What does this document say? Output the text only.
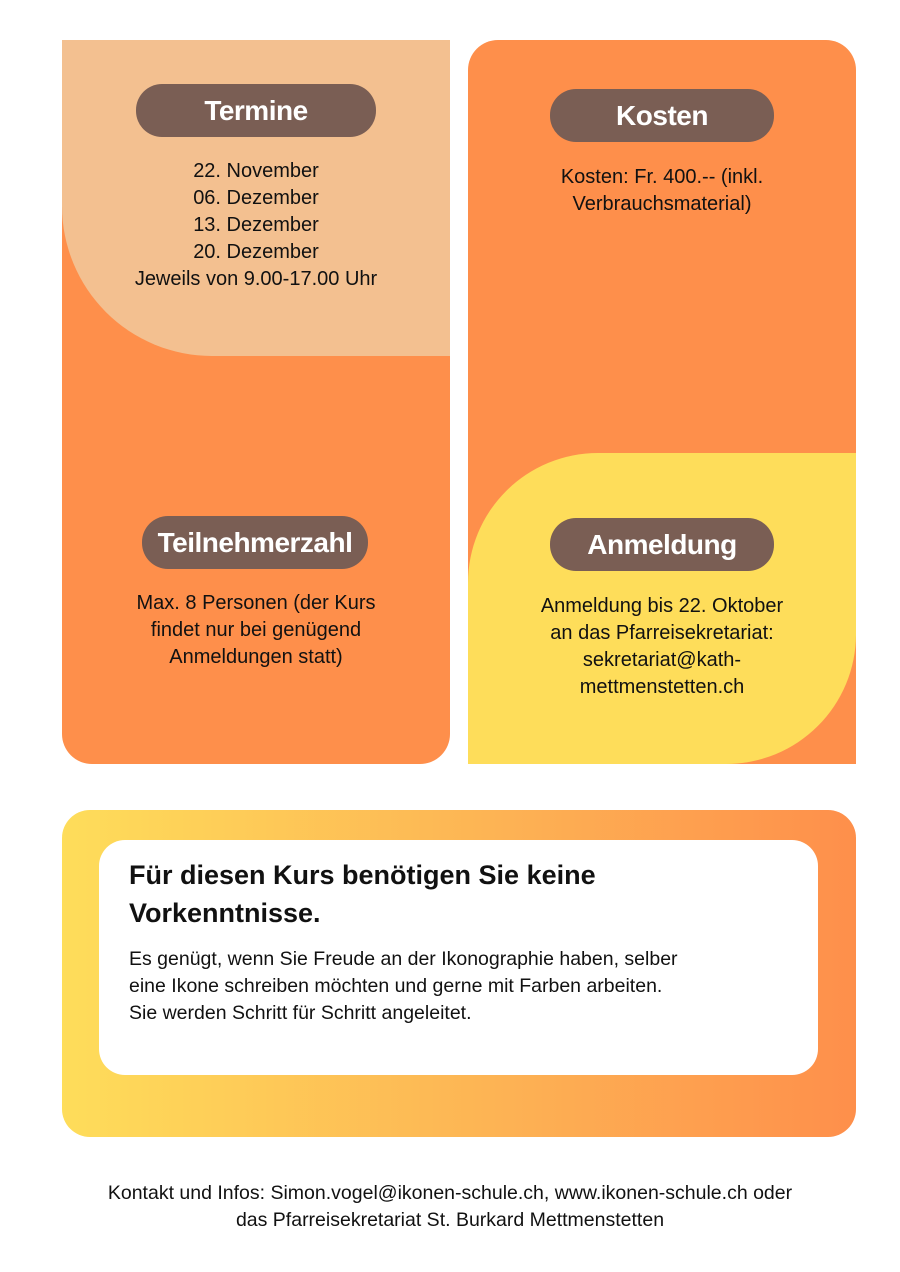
Termine
22. November
06. Dezember
13. Dezember
20. Dezember
Jeweils von 9.00-17.00 Uhr
Teilnehmerzahl
Max. 8 Personen (der Kurs
findet nur bei genügend
Anmeldungen statt)
Kosten
Kosten: Fr. 400.-- (inkl.
Verbrauchsmaterial)
Anmeldung
Anmeldung bis 22. Oktober
an das Pfarreisekretariat:
sekretariat@kath-
mettmenstetten.ch
Für diesen Kurs benötigen Sie keine
Vorkenntnisse.
Es genügt, wenn Sie Freude an der Ikonographie haben, selber
eine Ikone schreiben möchten und gerne mit Farben arbeiten.
Sie werden Schritt für Schritt angeleitet.
Kontakt und Infos: Simon.vogel@ikonen-schule.ch, www.ikonen-schule.ch oder
das Pfarreisekretariat St. Burkard Mettmenstetten
